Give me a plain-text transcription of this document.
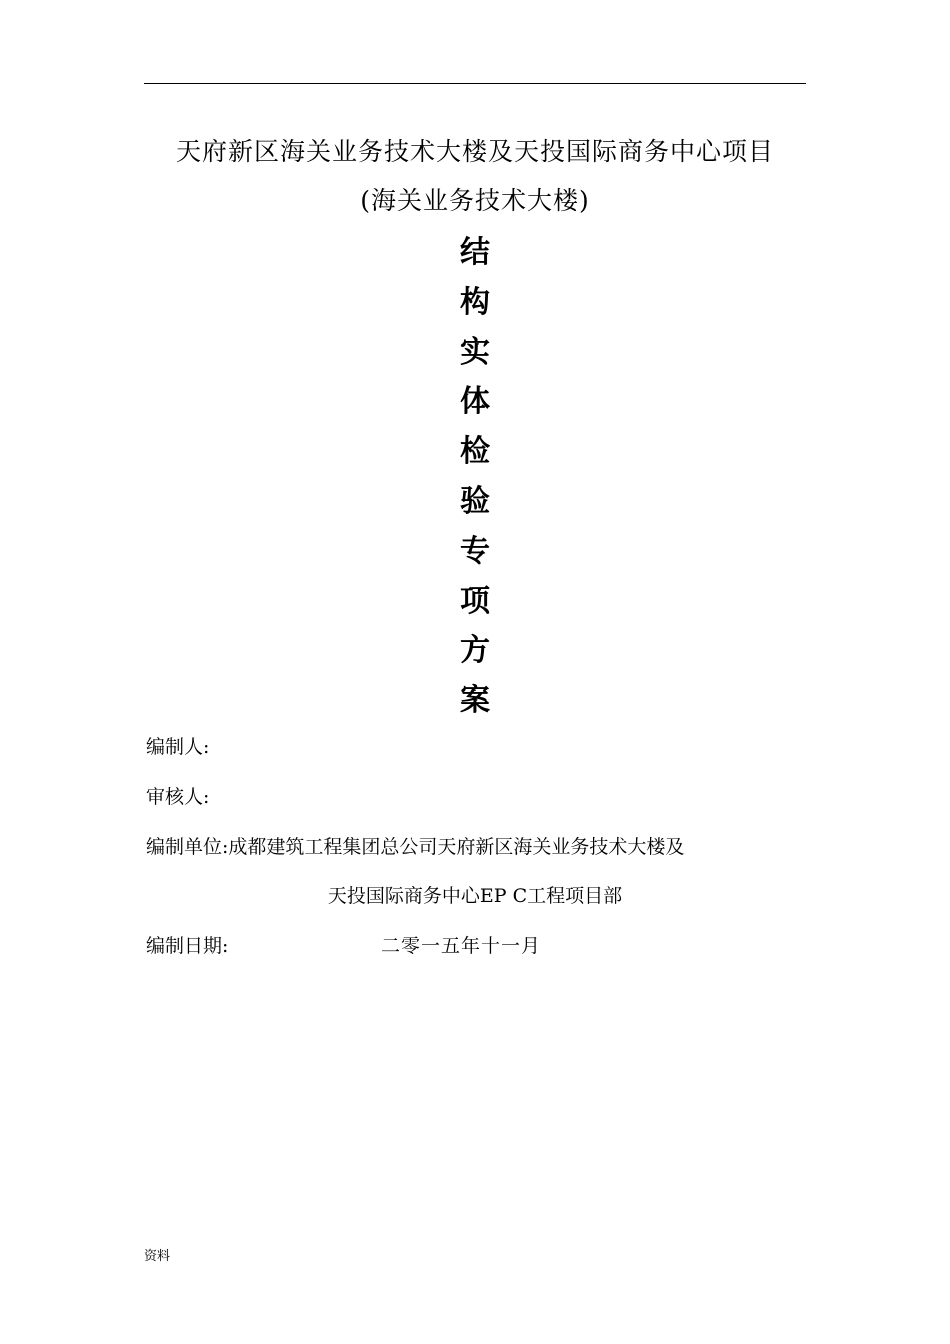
天府新区海关业务技术大楼及天投国际商务中心项目
(海关业务技术大楼)
结
构
实
体
检
验
专
项
方
案
编制人:
审核人:
编制单位:成都建筑工程集团总公司天府新区海关业务技术大楼及
天投国际商务中心EP C工程项目部
编制日期:	二零一五年十一月
资料
